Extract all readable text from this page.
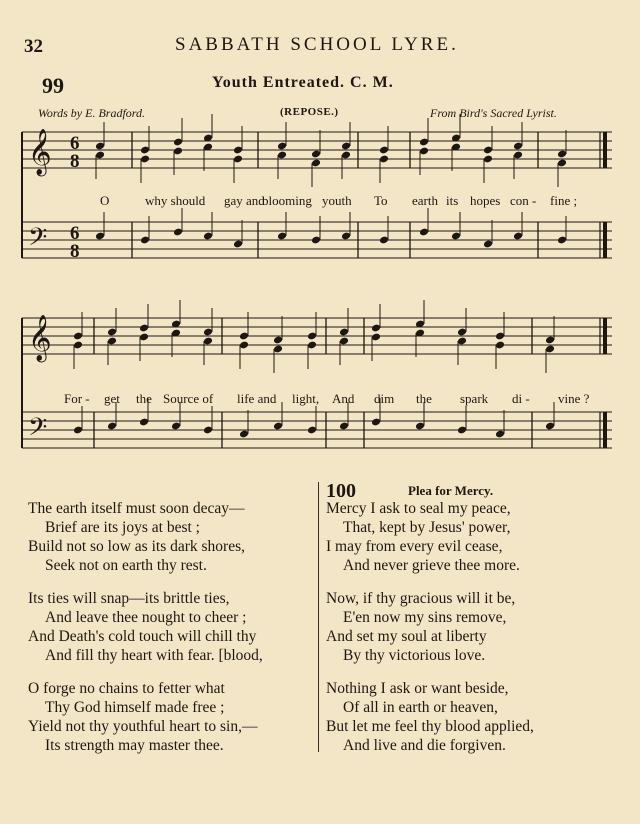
32	SABBATH SCHOOL LYRE.
99	Youth Entreated. C. M.
Words by E. Bradford.	(REPOSE.)	From Bird's Sacred Lyrist.
𝄞
𝄢
6
8
6
8
𝄞
𝄢
O	why should gay and
blooming youth To earth its hopes con - fine ;
For - get the Source of life and light, And dim the spark di - vine ?
The earth itself must soon decay—
Brief are its joys at best ;
Build not so low as its dark shores,
Seek not on earth thy rest.
Its ties will snap—its brittle ties,
And leave thee nought to cheer ;
And Death's cold touch will chill thy
And fill thy heart with fear. [blood,
O forge no chains to fetter what
Thy God himself made free ;
Yield not thy youthful heart to sin,—
Its strength may master thee.
100	Plea for Mercy.
Mercy I ask to seal my peace,
That, kept by Jesus' power,
I may from every evil cease,
And never grieve thee more.
Now, if thy gracious will it be,
E'en now my sins remove,
And set my soul at liberty
By thy victorious love.
Nothing I ask or want beside,
Of all in earth or heaven,
But let me feel thy blood applied,
And live and die forgiven.
